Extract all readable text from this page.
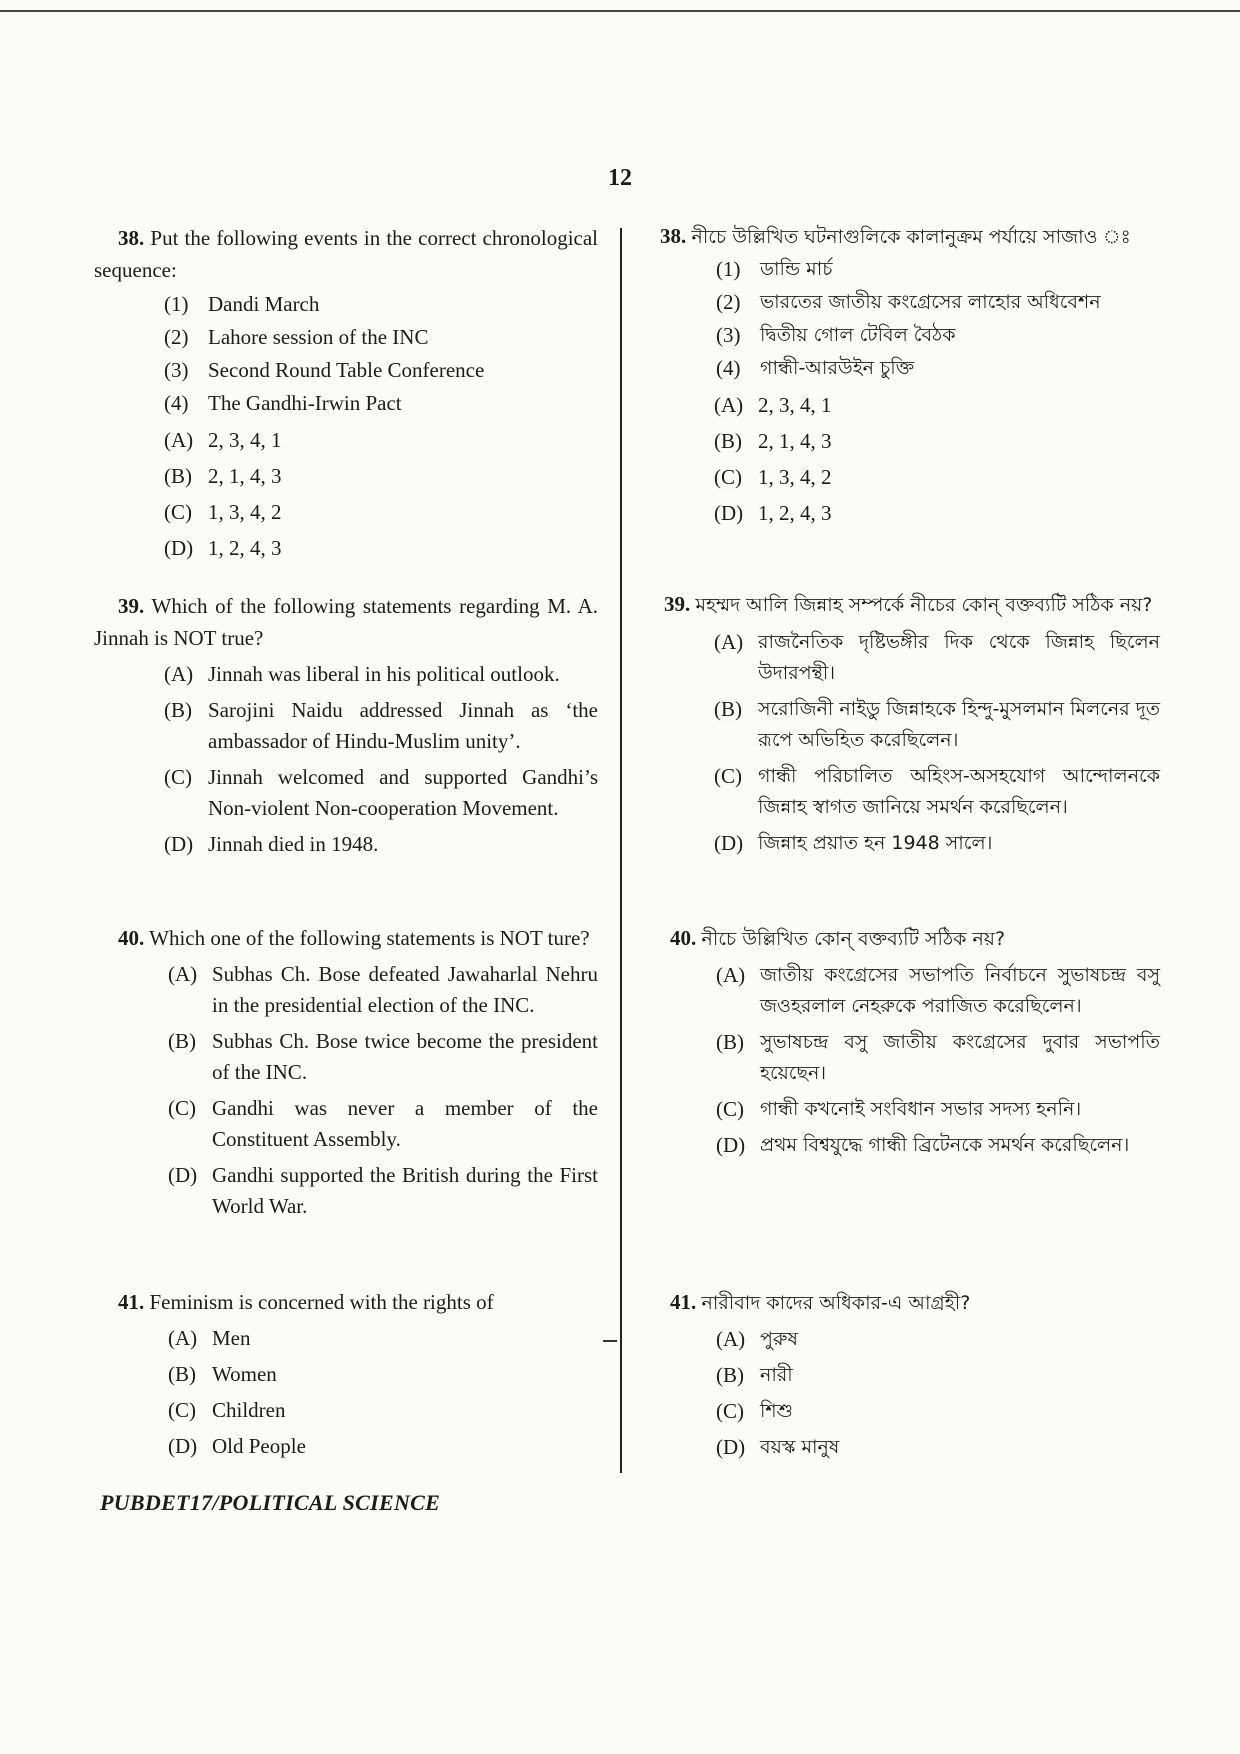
12

38. Put the following events in the correct chronological sequence:

(1) Dandi March
(2) Lahore session of the INC
(3) Second Round Table Conference
(4) The Gandhi-Irwin Pact
(A) 2, 3, 4, 1
(B) 2, 1, 4, 3
(C) 1, 3, 4, 2
(D) 1, 2, 4, 3

39. Which of the following statements regarding M. A. Jinnah is NOT true?

(A) Jinnah was liberal in his political outlook.
(B) Sarojini Naidu addressed Jinnah as ‘the ambassador of Hindu-Muslim unity’.
(C) Jinnah welcomed and supported Gandhi’s Non-violent Non-cooperation Movement.
(D) Jinnah died in 1948.

40. Which one of the following statements is NOT ture?

(A) Subhas Ch. Bose defeated Jawaharlal Nehru in the presidential election of the INC.
(B) Subhas Ch. Bose twice become the president of the INC.
(C) Gandhi was never a member of the Constituent Assembly.
(D) Gandhi supported the British during the First World War.

41. Feminism is concerned with the rights of

(A) Men
(B) Women
(C) Children
(D) Old People

38. নীচে উল্লিখিত ঘটনাগুলিকে কালানুক্রম পর্যায়ে সাজাও ঃ

(1)	ডান্ডি মার্চ
(2)	ভারতের জাতীয় কংগ্রেসের লাহোর অধিবেশন
(3)	দ্বিতীয় গোল টেবিল বৈঠক
(4)	গান্ধী-আরউইন চুক্তি
(A) 2, 3, 4, 1
(B) 2, 1, 4, 3
(C) 1, 3, 4, 2
(D) 1, 2, 4, 3

39. মহম্মদ আলি জিন্নাহ সম্পর্কে নীচের কোন্ বক্তব্যটি সঠিক নয়?

(A) রাজনৈতিক দৃষ্টিভঙ্গীর দিক থেকে জিন্নাহ ছিলেন উদারপন্থী।
(B) সরোজিনী নাইডু জিন্নাহকে হিন্দু-মুসলমান মিলনের দূত রূপে অভিহিত করেছিলেন।
(C) গান্ধী পরিচালিত অহিংস-অসহযোগ আন্দোলনকে জিন্নাহ স্বাগত জানিয়ে সমর্থন করেছিলেন।
(D) জিন্নাহ প্রয়াত হন 1948 সালে।

40. নীচে উল্লিখিত কোন্ বক্তব্যটি সঠিক নয়?

(A) জাতীয় কংগ্রেসের সভাপতি নির্বাচনে সুভাষচন্দ্র বসু জওহরলাল নেহরুকে পরাজিত করেছিলেন।
(B) সুভাষচন্দ্র বসু জাতীয় কংগ্রেসের দুবার সভাপতি হয়েছেন।
(C) গান্ধী কখনোই সংবিধান সভার সদস্য হননি।
(D) প্রথম বিশ্বযুদ্ধে গান্ধী ব্রিটেনকে সমর্থন করেছিলেন।

41. নারীবাদ কাদের অধিকার-এ আগ্রহী?

(A) পুরুষ
(B) নারী
(C) শিশু
(D) বয়স্ক মানুষ
PUBDET17/POLITICAL SCIENCE
